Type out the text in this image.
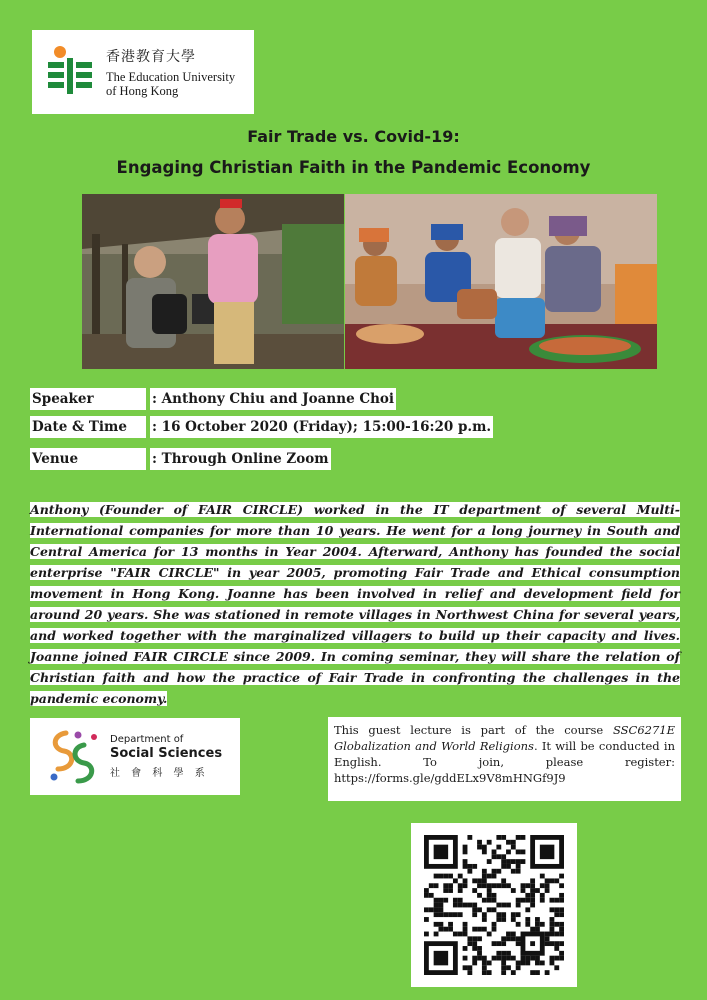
香港教育大學
The Education University
of Hong Kong
Fair Trade vs. Covid-19:
Engaging Christian Faith in the Pandemic Economy
Speaker	: Anthony Chiu and Joanne Choi
Date & Time	: 16 October 2020 (Friday); 15:00-16:20 p.m.
Venue	: Through Online Zoom

Anthony (Founder of FAIR CIRCLE) worked in the IT department of several Multi-International companies for more than 10 years. He went for a long journey in South and Central America for 13 months in Year 2004. Afterward, Anthony has founded the social enterprise "FAIR CIRCLE" in year 2005, promoting Fair Trade and Ethical consumption movement in Hong Kong. Joanne has been involved in relief and development field for around 20 years. She was stationed in remote villages in Northwest China for several years, and worked together with the marginalized villagers to build up their capacity and lives. Joanne joined FAIR CIRCLE since 2009. In coming seminar, they will share the relation of Christian faith and how the practice of Fair Trade in confronting the challenges in the pandemic economy.

Department of
Social Sciences
社 會 科 學 系
This guest lecture is part of the course SSC6271E Globalization and World Religions. It will be conducted in English. To join, please register: https://forms.gle/gddELx9V8mHNGf9J9
